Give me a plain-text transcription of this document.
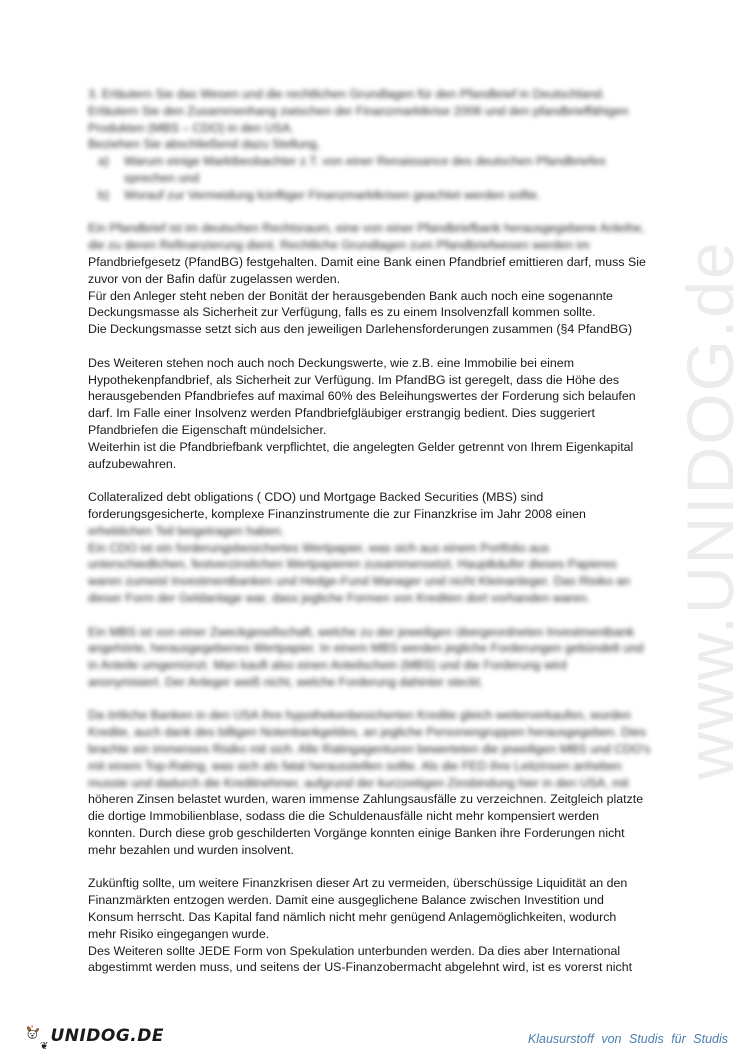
www.UNIDOG.de
3. Erläutern Sie das Wesen und die rechtlichen Grundlagen für den Pfandbrief in Deutschland.
Erläutern Sie den Zusammenhang zwischen der Finanzmarktkrise 2008 und den pfandbrieffähigen
Produkten (MBS – CDO) in den USA.
Beziehen Sie abschließend dazu Stellung,
a)	Warum einige Marktbeobachter z.T. von einer Renaissance des deutschen Pfandbriefes
sprechen und
b)	Worauf zur Vermeidung künftiger Finanzmarktkrisen geachtet werden sollte.
Ein Pfandbrief ist im deutschen Rechtsraum, eine von einer Pfandbriefbank herausgegebene Anleihe,
die zu deren Refinanzierung dient. Rechtliche Grundlagen zum Pfandbriefwesen werden im
Pfandbriefgesetz (PfandBG) festgehalten. Damit eine Bank einen Pfandbrief emittieren darf, muss Sie
zuvor von der Bafin dafür zugelassen werden.
Für den Anleger steht neben der Bonität der herausgebenden Bank auch noch eine sogenannte
Deckungsmasse als Sicherheit zur Verfügung, falls es zu einem Insolvenzfall kommen sollte.
Die Deckungsmasse setzt sich aus den jeweiligen Darlehensforderungen zusammen (§4 PfandBG)
Des Weiteren stehen noch auch noch Deckungswerte, wie z.B. eine Immobilie bei einem
Hypothekenpfandbrief, als Sicherheit zur Verfügung. Im PfandBG ist geregelt, dass die Höhe des
herausgebenden Pfandbriefes auf maximal 60% des Beleihungswertes der Forderung sich belaufen
darf. Im Falle einer Insolvenz werden Pfandbriefgläubiger erstrangig bedient. Dies suggeriert
Pfandbriefen die Eigenschaft mündelsicher.
Weiterhin ist die Pfandbriefbank verpflichtet, die angelegten Gelder getrennt von Ihrem Eigenkapital
aufzubewahren.
Collateralized debt obligations ( CDO) und Mortgage Backed Securities (MBS) sind
forderungsgesicherte, komplexe Finanzinstrumente die zur Finanzkrise im Jahr 2008 einen
erheblichen Teil beigetragen haben.
Ein CDO ist ein forderungsbesichertes Wertpapier, was sich aus einem Portfolio aus
unterschiedlichen, festverzinslichen Wertpapieren zusammensetzt. Hauptkäufer dieses Papieres
waren zumeist Investmentbanken und Hedge-Fund Manager und nicht Kleinanleger. Das Risiko an
dieser Form der Geldanlage war, dass jegliche Formen von Krediten dort vorhanden waren.
Ein MBS ist von einer Zweckgesellschaft, welche zu der jeweiligen übergeordneten Investmentbank
angehörte, herausgegebenes Wertpapier. In einem MBS werden jegliche Forderungen gebündelt und
in Anteile umgemünzt. Man kauft also einen Anteilschein (MBS) und die Forderung wird
anonymisiert. Der Anleger weiß nicht, welche Forderung dahinter steckt.
Da örtliche Banken in den USA ihre hypothekenbesicherten Kredite gleich weiterverkaufen, wurden
Kredite, auch dank des billigen Notenbankgeldes, an jegliche Personengruppen herausgegeben. Dies
brachte ein immenses Risiko mit sich. Alle Ratingagenturen bewerteten die jeweiligen MBS und CDO's
mit einem Top-Rating, was sich als fatal herausstellen sollte. Als die FED ihre Leitzinsen anheben
musste und dadurch die Kreditnehmer, aufgrund der kurzzeitigen Zinsbindung hier in den USA, mit
höheren Zinsen belastet wurden, waren immense Zahlungsausfälle zu verzeichnen. Zeitgleich platzte
die dortige Immobilienblase, sodass die die Schuldenausfälle nicht mehr kompensiert werden
konnten. Durch diese grob geschilderten Vorgänge konnten einige Banken ihre Forderungen nicht
mehr bezahlen und wurden insolvent.
Zukünftig sollte, um weitere Finanzkrisen dieser Art zu vermeiden, überschüssige Liquidität an den
Finanzmärkten entzogen werden. Damit eine ausgeglichene Balance zwischen Investition und
Konsum herrscht. Das Kapital fand nämlich nicht mehr genügend Anlagemöglichkeiten, wodurch
mehr Risiko eingegangen wurde.
Des Weiteren sollte JEDE Form von Spekulation unterbunden werden. Da dies aber International
abgestimmt werden muss, und seitens der US-Finanzobermacht abgelehnt wird, ist es vorerst nicht
❦
UNIDOG.DE	Klausurstoff von Studis für Studis
